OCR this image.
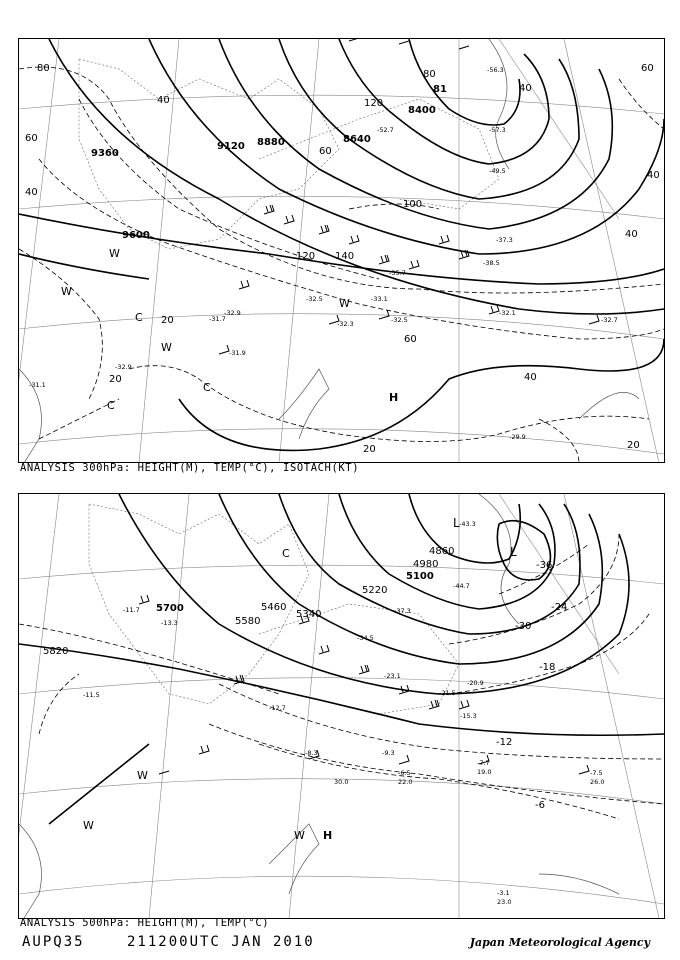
9360
9120 8880	8640
8400
81
9600
80
60
40
20
40
60
80
100
120 140
120
40
60
40
20
40
20
60
40
20
H
C
C
W
W
C
W
W	-33.1
-32.5
-32.1
-32.7
-32.3
-31.9
-32.9
-31.7
-32.5
-38.5
-35.7
-37.3
-49.5
-52.7	-57.3
-56.3
-29.9
-31.1
-32.9
ANALYSIS 300hPa: HEIGHT(M), TEMP(°C), ISOTACH(KT)
5700
5580
5460
5340
5220
5100
4980
4860
5820
-24
-18
-12
-6
-30
-36
L
L
H
C
W
W
W
-7.7
-7.5
-9.3
-6.5
-8.3
-3.1
23.0
19.0
26.0
22.0
30.0
-12.7
-15.3
-20.9
-21.5
-23.1
-34.5
-37.3
-43.3
-44.7
-11.7
-11.5
-13.3
ANALYSIS 500hPa: HEIGHT(M), TEMP(°C)
AUPQ35	211200UTC JAN 2010	Japan Meteorological Agency
